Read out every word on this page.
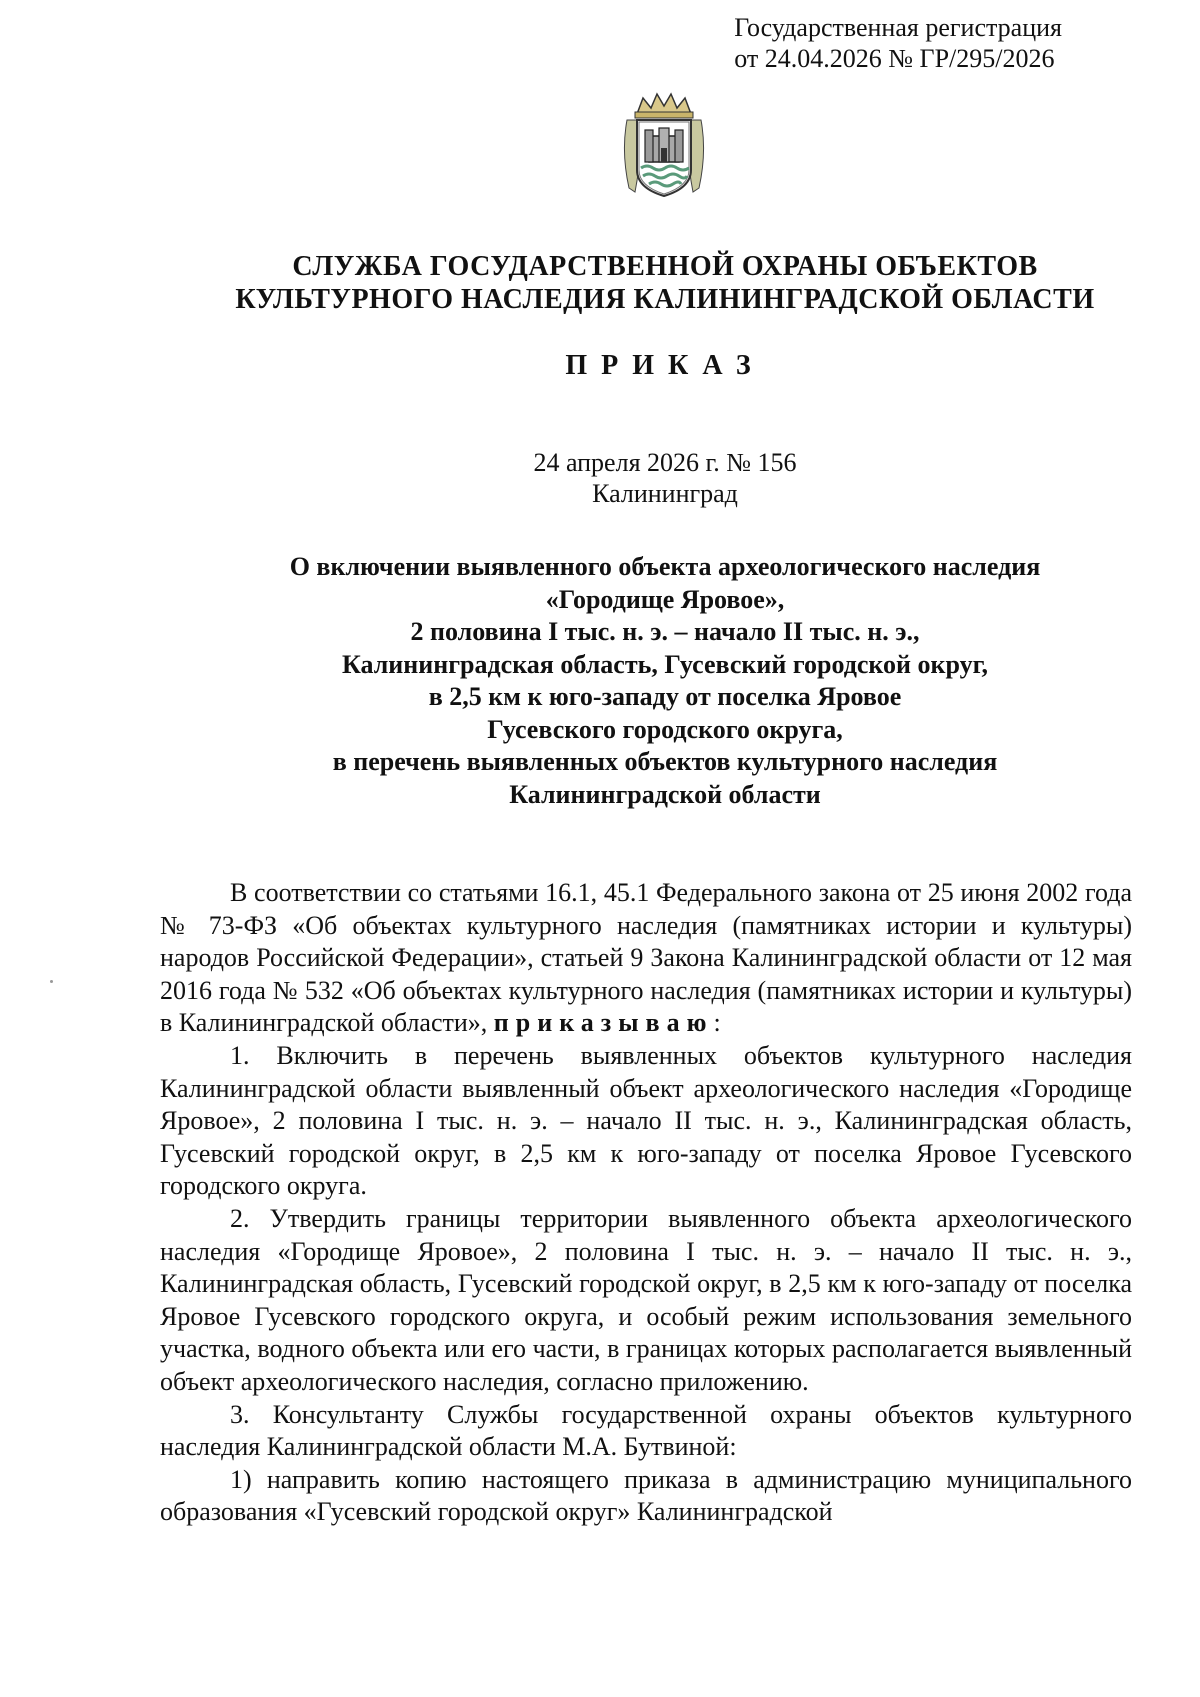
Государственная регистрация
от 24.04.2026 № ГР/295/2026
СЛУЖБА ГОСУДАРСТВЕННОЙ ОХРАНЫ ОБЪЕКТОВ
КУЛЬТУРНОГО НАСЛЕДИЯ КАЛИНИНГРАДСКОЙ ОБЛАСТИ
ПРИКАЗ
24 апреля 2026 г. № 156
Калининград
О включении выявленного объекта археологического наследия
«Городище Яровое»,
2 половина I тыс. н. э. – начало II тыс. н. э.,
Калининградская область, Гусевский городской округ,
в 2,5 км к юго-западу от поселка Яровое
Гусевского городского округа,
в перечень выявленных объектов культурного наследия
Калининградской области

В соответствии со статьями 16.1, 45.1 Федерального закона от 25 июня 2002 года № 73-ФЗ «Об объектах культурного наследия (памятниках истории и культуры) народов Российской Федерации», статьей 9 Закона Калининградской области от 12 мая 2016 года № 532 «Об объектах культурного наследия (памятниках истории и культуры) в Калининградской области», приказываю:

1. Включить в перечень выявленных объектов культурного наследия Калининградской области выявленный объект археологического наследия «Городище Яровое», 2 половина I тыс. н. э. – начало II тыс. н. э., Калининградская область, Гусевский городской округ, в 2,5 км к юго-западу от поселка Яровое Гусевского городского округа.

2. Утвердить границы территории выявленного объекта археологического наследия «Городище Яровое», 2 половина I тыс. н. э. – начало II тыс. н. э., Калининградская область, Гусевский городской округ, в 2,5 км к юго-западу от поселка Яровое Гусевского городского округа, и особый режим использования земельного участка, водного объекта или его части, в границах которых располагается выявленный объект археологического наследия, согласно приложению.

3. Консультанту Службы государственной охраны объектов культурного наследия Калининградской области М.А. Бутвиной:

1) направить копию настоящего приказа в администрацию муниципального образования «Гусевский городской округ» Калининградской
